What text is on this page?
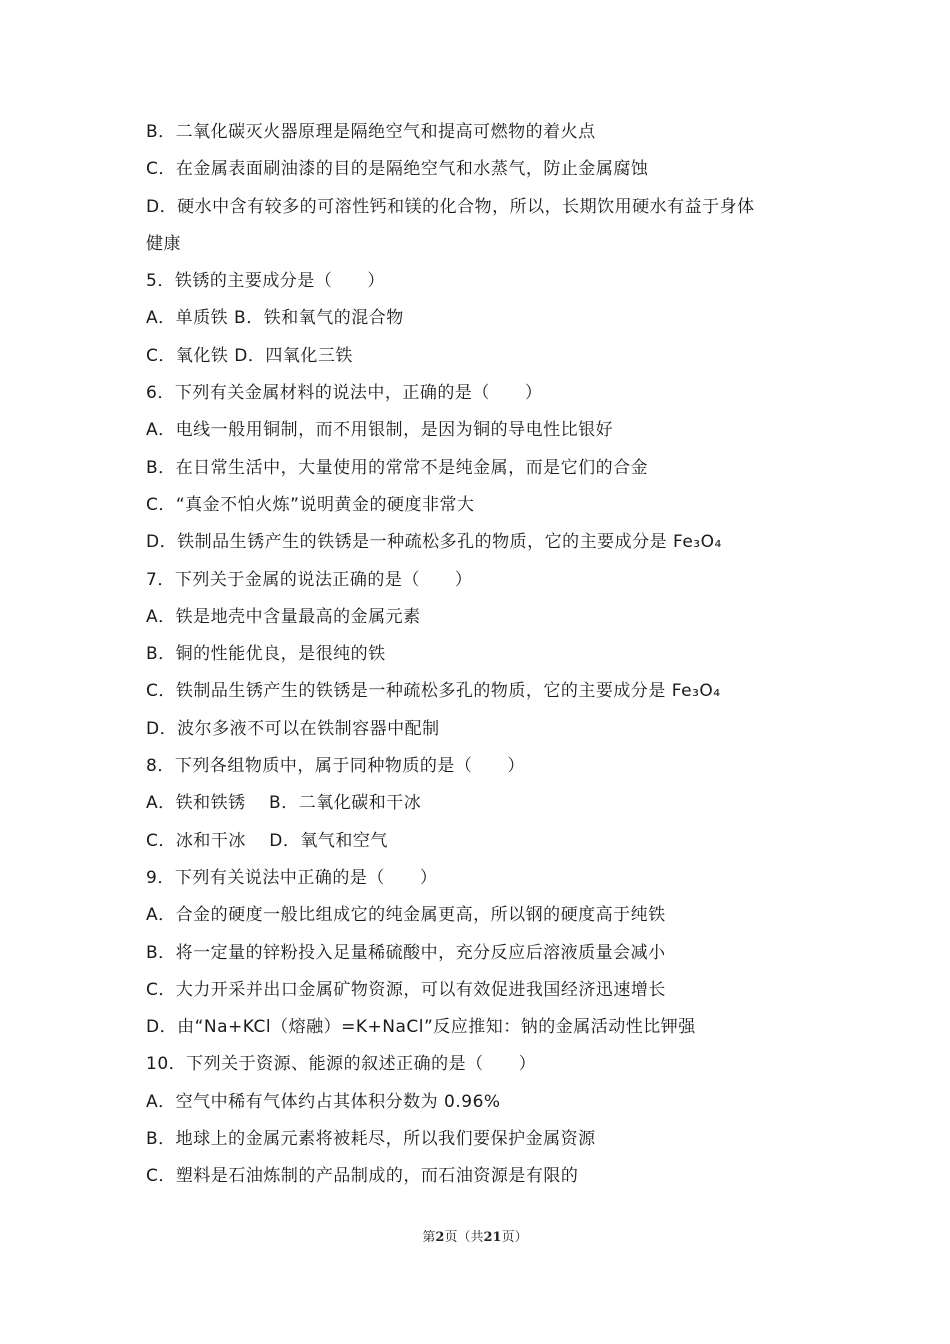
B．二氧化碳灭火器原理是隔绝空气和提高可燃物的着火点
C．在金属表面刷油漆的目的是隔绝空气和水蒸气，防止金属腐蚀
D．硬水中含有较多的可溶性钙和镁的化合物，所以，长期饮用硬水有益于身体
健康
5．铁锈的主要成分是（　　）
A．单质铁 B．铁和氧气的混合物
C．氧化铁 D．四氧化三铁
6．下列有关金属材料的说法中，正确的是（　　）
A．电线一般用铜制，而不用银制，是因为铜的导电性比银好
B．在日常生活中，大量使用的常常不是纯金属，而是它们的合金
C．“真金不怕火炼”说明黄金的硬度非常大
D．铁制品生锈产生的铁锈是一种疏松多孔的物质，它的主要成分是 Fe₃O₄
7．下列关于金属的说法正确的是（　　）
A．铁是地壳中含量最高的金属元素
B．铜的性能优良，是很纯的铁
C．铁制品生锈产生的铁锈是一种疏松多孔的物质，它的主要成分是 Fe₃O₄
D．波尔多液不可以在铁制容器中配制
8．下列各组物质中，属于同种物质的是（　　）
A．铁和铁锈　 B．二氧化碳和干冰
C．冰和干冰　 D．氧气和空气
9．下列有关说法中正确的是（　　）
A．合金的硬度一般比组成它的纯金属更高，所以钢的硬度高于纯铁
B．将一定量的锌粉投入足量稀硫酸中，充分反应后溶液质量会减小
C．大力开采并出口金属矿物资源，可以有效促进我国经济迅速增长
D．由“Na+KCl（熔融）=K+NaCl”反应推知：钠的金属活动性比钾强
10．下列关于资源、能源的叙述正确的是（　　）
A．空气中稀有气体约占其体积分数为 0.96%
B．地球上的金属元素将被耗尽，所以我们要保护金属资源
C．塑料是石油炼制的产品制成的，而石油资源是有限的
第2页（共21页）
